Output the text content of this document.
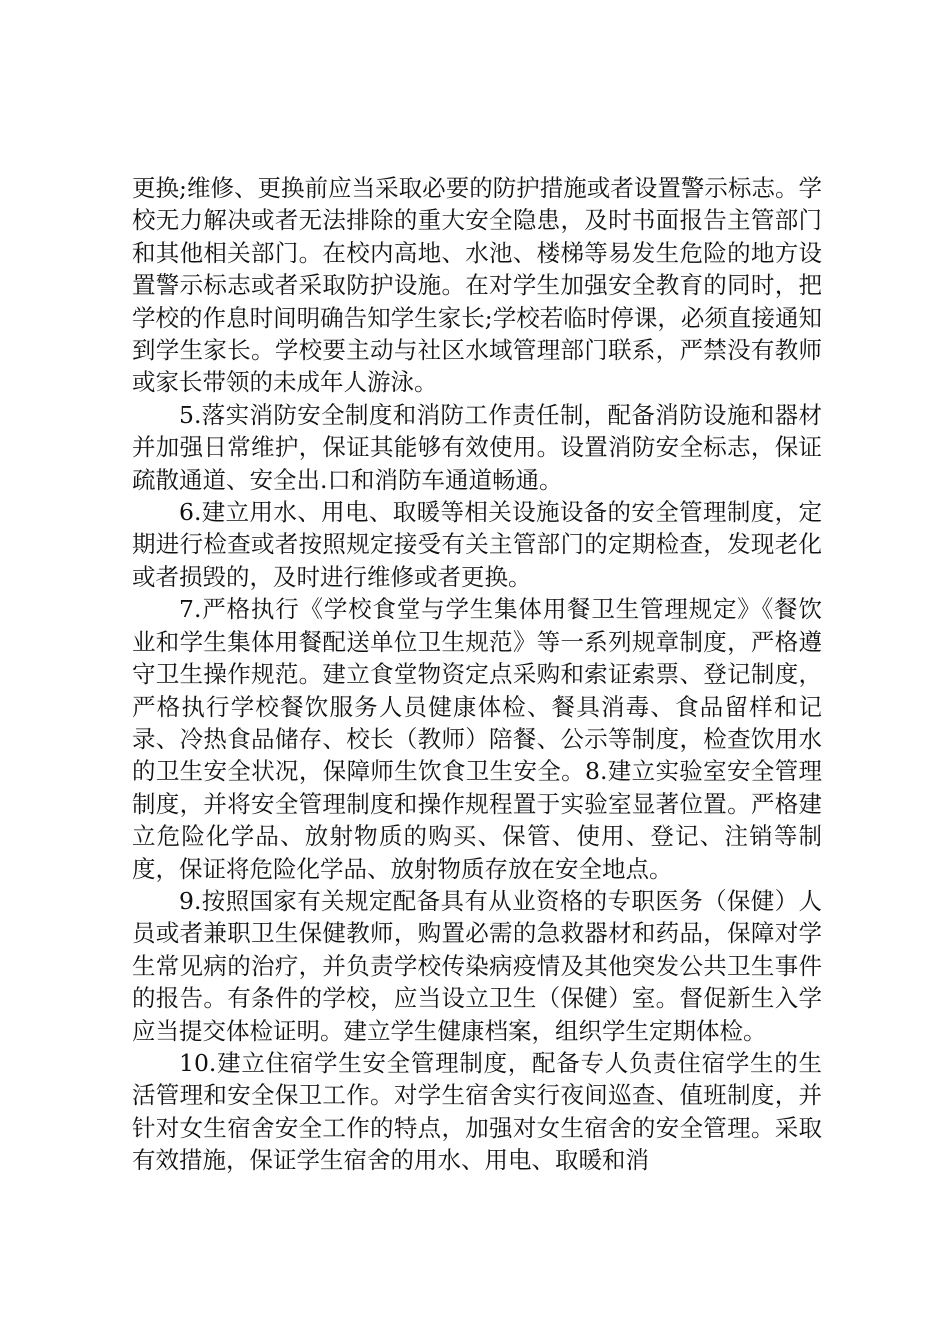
更换;维修、更换前应当采取必要的防护措施或者设置警示标志。学校无力解决或者无法排除的重大安全隐患，及时书面报告主管部门和其他相关部门。在校内高地、水池、楼梯等易发生危险的地方设置警示标志或者采取防护设施。在对学生加强安全教育的同时，把学校的作息时间明确告知学生家长;学校若临时停课，必须直接通知到学生家长。学校要主动与社区水域管理部门联系，严禁没有教师或家长带领的未成年人游泳。

5.落实消防安全制度和消防工作责任制，配备消防设施和器材并加强日常维护，保证其能够有效使用。设置消防安全标志，保证疏散通道、安全出.口和消防车通道畅通。

6.建立用水、用电、取暖等相关设施设备的安全管理制度，定期进行检查或者按照规定接受有关主管部门的定期检查，发现老化或者损毁的，及时进行维修或者更换。

7.严格执行《学校食堂与学生集体用餐卫生管理规定》《餐饮业和学生集体用餐配送单位卫生规范》等一系列规章制度，严格遵守卫生操作规范。建立食堂物资定点采购和索证索票、登记制度，严格执行学校餐饮服务人员健康体检、餐具消毒、食品留样和记录、冷热食品储存、校长（教师）陪餐、公示等制度，检查饮用水的卫生安全状况，保障师生饮食卫生安全。8.建立实验室安全管理制度，并将安全管理制度和操作规程置于实验室显著位置。严格建立危险化学品、放射物质的购买、保管、使用、登记、注销等制度，保证将危险化学品、放射物质存放在安全地点。

9.按照国家有关规定配备具有从业资格的专职医务（保健）人员或者兼职卫生保健教师，购置必需的急救器材和药品，保障对学生常见病的治疗，并负责学校传染病疫情及其他突发公共卫生事件的报告。有条件的学校，应当设立卫生（保健）室。督促新生入学应当提交体检证明。建立学生健康档案，组织学生定期体检。

10.建立住宿学生安全管理制度，配备专人负责住宿学生的生活管理和安全保卫工作。对学生宿舍实行夜间巡查、值班制度，并针对女生宿舍安全工作的特点，加强对女生宿舍的安全管理。采取有效措施，保证学生宿舍的用水、用电、取暖和消
